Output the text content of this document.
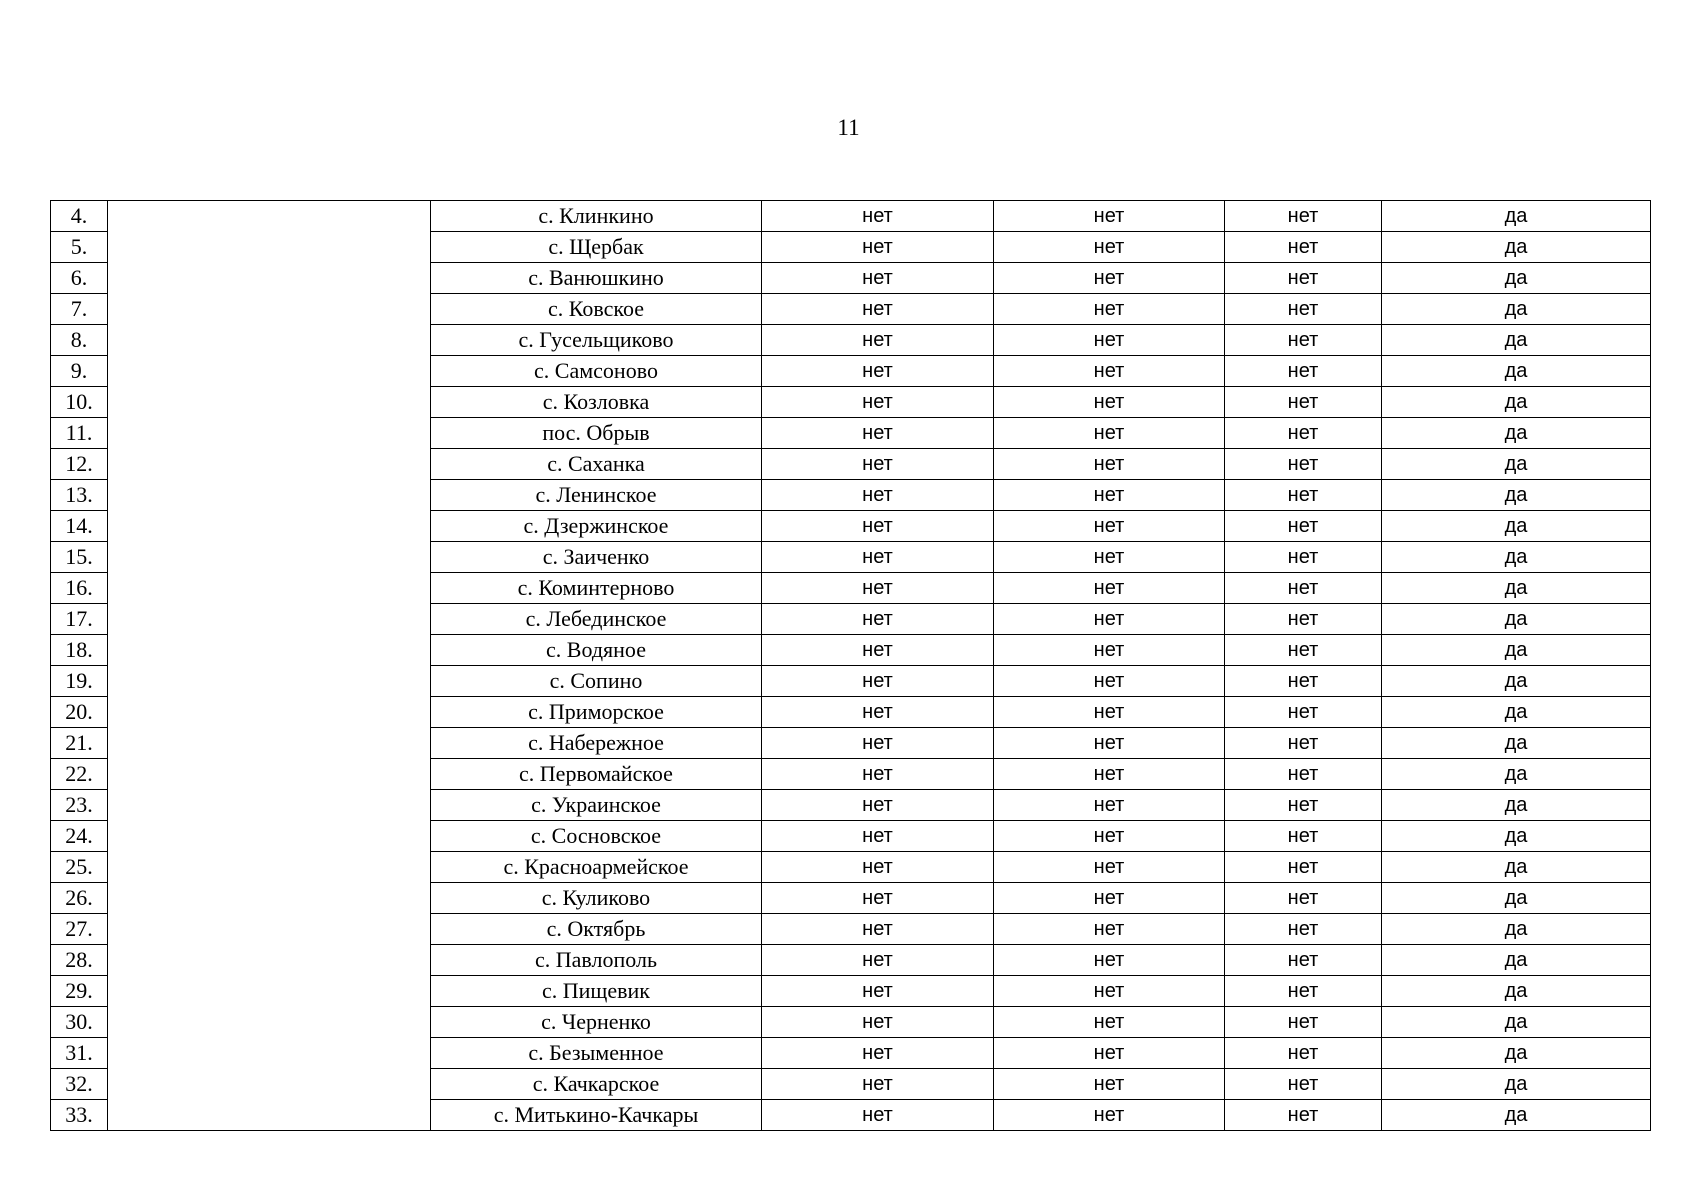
11
4.		с. Клинкино	нет	нет	нет	да
5.		с. Щербак	нет	нет	нет	да
6.		с. Ванюшкино	нет	нет	нет	да
7.		с. Ковское	нет	нет	нет	да
8.		с. Гусельщиково	нет	нет	нет	да
9.		с. Самсоново	нет	нет	нет	да
10.		с. Козловка	нет	нет	нет	да
11.		пос. Обрыв	нет	нет	нет	да
12.		с. Саханка	нет	нет	нет	да
13.		с. Ленинское	нет	нет	нет	да
14.		с. Дзержинское	нет	нет	нет	да
15.		с. Заиченко	нет	нет	нет	да
16.		с. Коминтерново	нет	нет	нет	да
17.		с. Лебединское	нет	нет	нет	да
18.		с. Водяное	нет	нет	нет	да
19.		с. Сопино	нет	нет	нет	да
20.		с. Приморское	нет	нет	нет	да
21.		с. Набережное	нет	нет	нет	да
22.		с. Первомайское	нет	нет	нет	да
23.		с. Украинское	нет	нет	нет	да
24.		с. Сосновское	нет	нет	нет	да
25.		с. Красноармейское	нет	нет	нет	да
26.		с. Куликово	нет	нет	нет	да
27.		с. Октябрь	нет	нет	нет	да
28.		с. Павлополь	нет	нет	нет	да
29.		с. Пищевик	нет	нет	нет	да
30.		с. Черненко	нет	нет	нет	да
31.		с. Безыменное	нет	нет	нет	да
32.		с. Качкарское	нет	нет	нет	да
33.		с. Митькино-Качкары	нет	нет	нет	да
